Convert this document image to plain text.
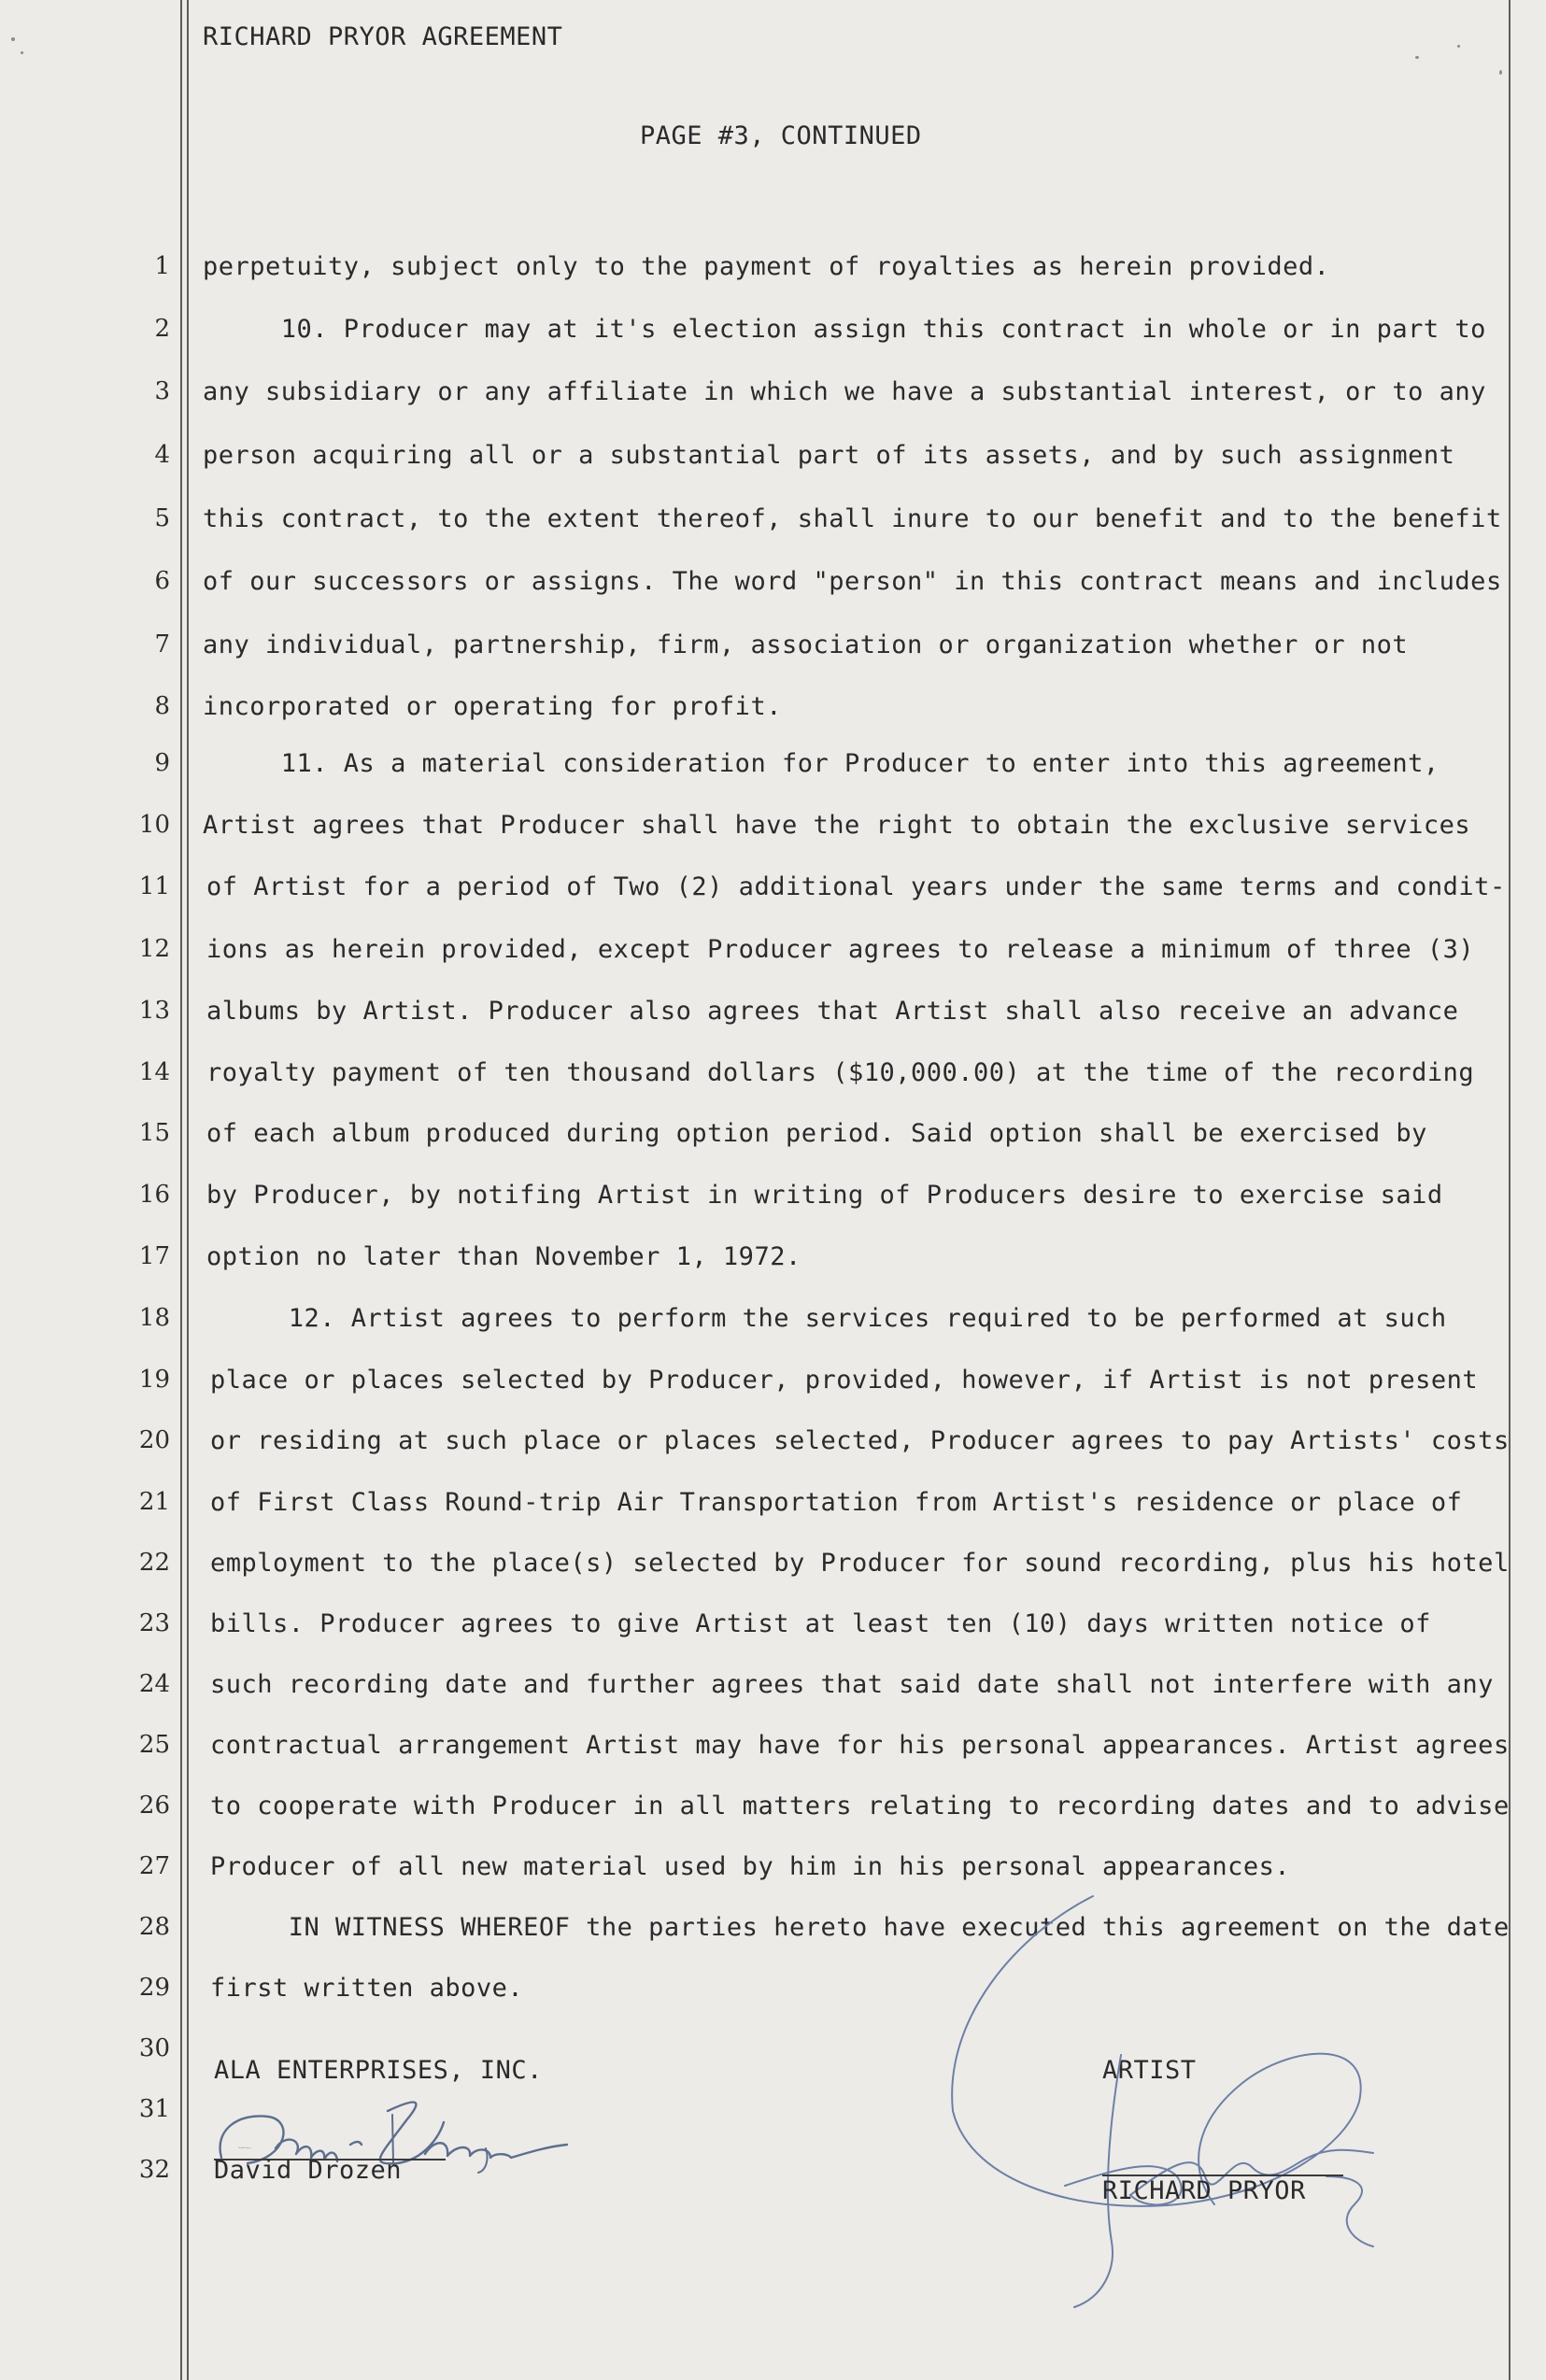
RICHARD PRYOR AGREEMENT
PAGE #3, CONTINUED
1
2
3
4
5
6
7
8
9
10
11
12
13
14
15
16
17
18
19
20
21
22
23
24
25
26
27
28
29
30
31
32
perpetuity, subject only to the payment of royalties as herein provided.
10. Producer may at it's election assign this contract in whole or in part to
any subsidiary or any affiliate in which we have a substantial interest, or to any
person acquiring all or a substantial part of its assets, and by such assignment
this contract, to the extent thereof, shall inure to our benefit and to the benefit
of our successors or assigns. The word "person" in this contract means and includes
any individual, partnership, firm, association or organization whether or not
incorporated or operating for profit.
11. As a material consideration for Producer to enter into this agreement,
Artist agrees that Producer shall have the right to obtain the exclusive services
of Artist for a period of Two (2) additional years under the same terms and condit-
ions as herein provided, except Producer agrees to release a minimum of three (3)
albums by Artist. Producer also agrees that Artist shall also receive an advance
royalty payment of ten thousand dollars ($10,000.00) at the time of the recording
of each album produced during option period. Said option shall be exercised by
by Producer, by notifing Artist in writing of Producers desire to exercise said
option no later than November 1, 1972.
12. Artist agrees to perform the services required to be performed at such
place or places selected by Producer, provided, however, if Artist is not present
or residing at such place or places selected, Producer agrees to pay Artists' costs
of First Class Round-trip Air Transportation from Artist's residence or place of
employment to the place(s) selected by Producer for sound recording, plus his hotel
bills. Producer agrees to give Artist at least ten (10) days written notice of
such recording date and further agrees that said date shall not interfere with any
contractual arrangement Artist may have for his personal appearances. Artist agrees
to cooperate with Producer in all matters relating to recording dates and to advise
Producer of all new material used by him in his personal appearances.
IN WITNESS WHEREOF the parties hereto have executed this agreement on the date
first written above.
ALA ENTERPRISES, INC.
David Drozen
David Drozen
ARTIST
RICHARD PRYOR
